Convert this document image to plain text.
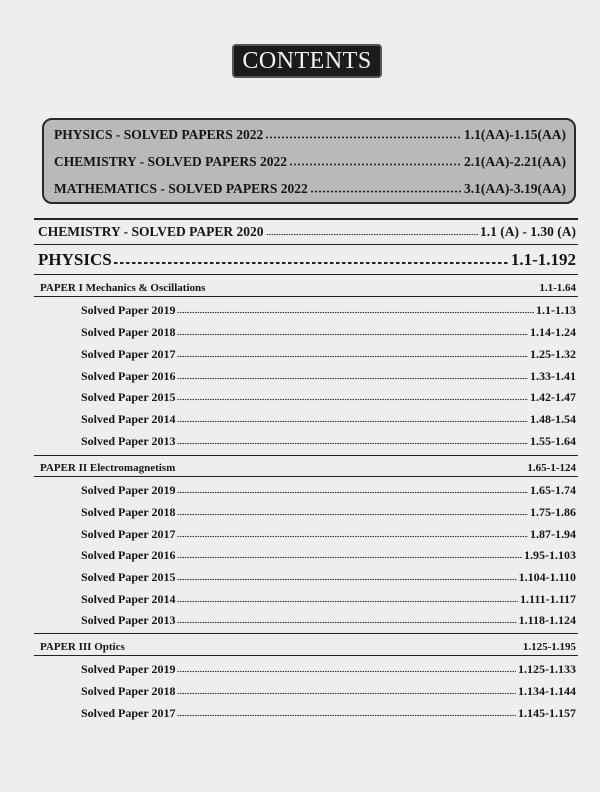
CONTENTS
PHYSICS - SOLVED PAPERS 2022	1.1(AA)-1.15(AA)
CHEMISTRY - SOLVED PAPERS 2022	2.1(AA)-2.21(AA)
MATHEMATICS - SOLVED PAPERS 2022	3.1(AA)-3.19(AA)
CHEMISTRY - SOLVED PAPER 2020	1.1 (A) - 1.30 (A)
PHYSICS	1.1-1.192
PAPER I Mechanics & Oscillations	1.1-1.64
Solved Paper 2019	1.1-1.13
Solved Paper 2018	1.14-1.24
Solved Paper 2017	1.25-1.32
Solved Paper 2016	1.33-1.41
Solved Paper 2015	1.42-1.47
Solved Paper 2014	1.48-1.54
Solved Paper 2013	1.55-1.64
PAPER II Electromagnetism	1.65-1-124
Solved Paper 2019	1.65-1.74
Solved Paper 2018	1.75-1.86
Solved Paper 2017	1.87-1.94
Solved Paper 2016	1.95-1.103
Solved Paper 2015	1.104-1.110
Solved Paper 2014	1.111-1.117
Solved Paper 2013	1.118-1.124
PAPER III Optics	1.125-1.195
Solved Paper 2019	1.125-1.133
Solved Paper 2018	1.134-1.144
Solved Paper 2017	1.145-1.157
